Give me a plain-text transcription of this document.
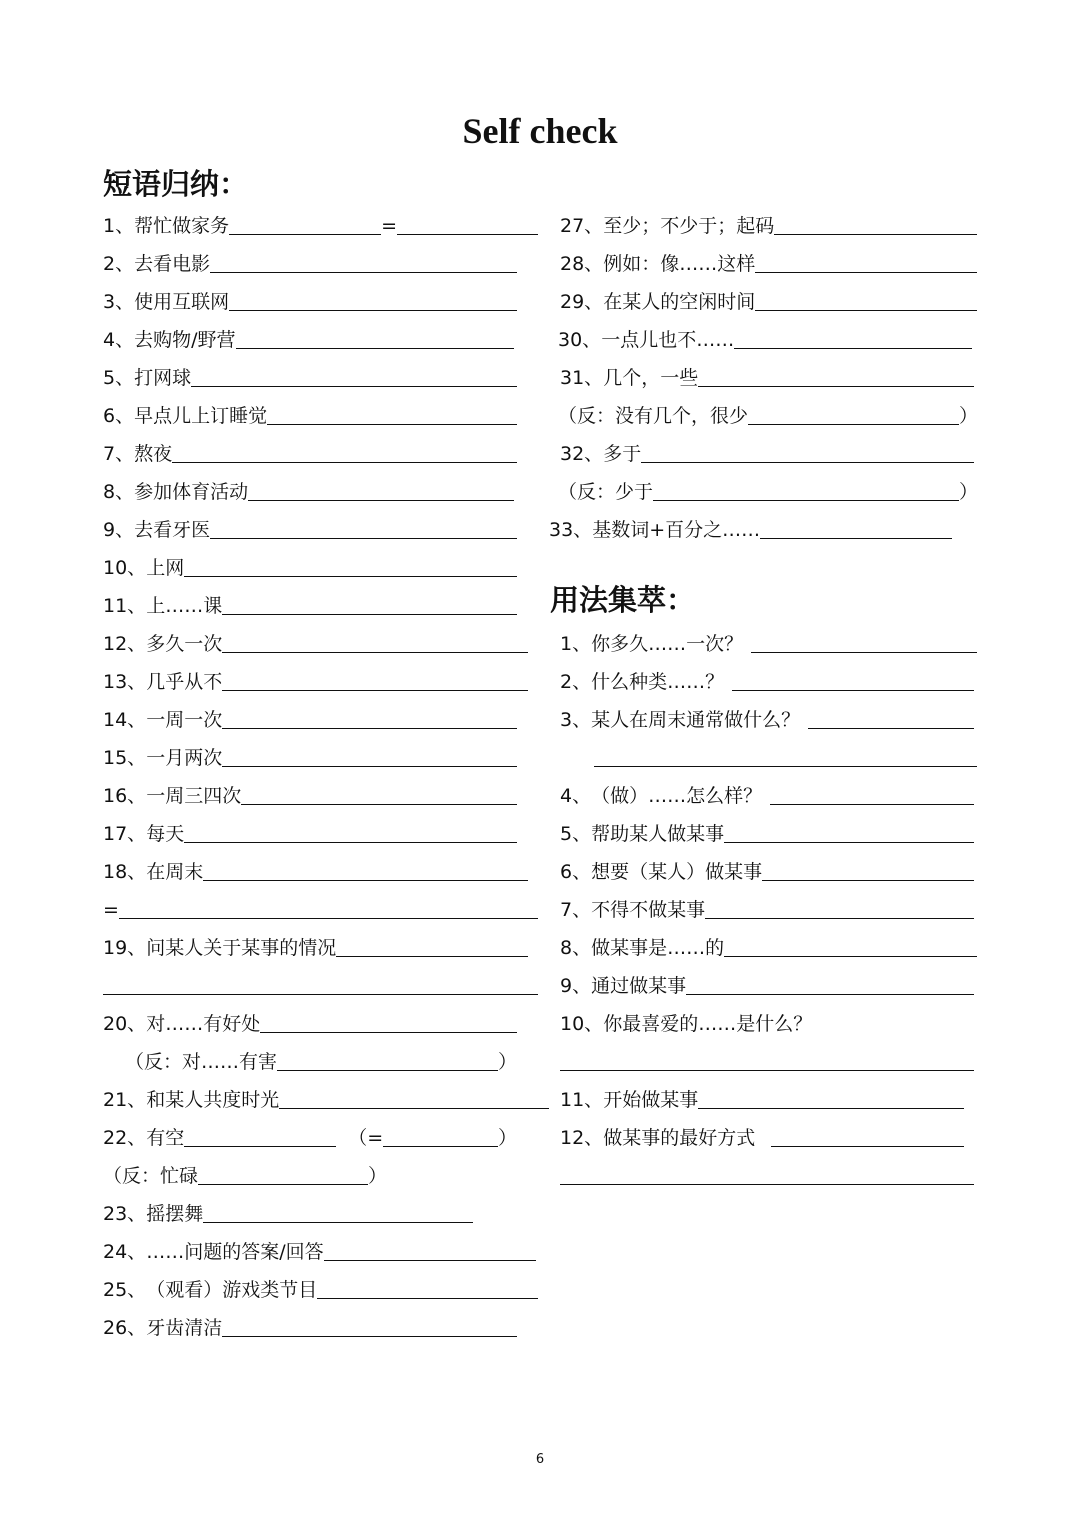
Self check
短语归纳：
用法集萃：
1、 帮忙做家务	=
2、 去看电影
3、 使用互联网
4、 去购物/野营
5、 打网球
6、 早点儿上订睡觉
7、 熬夜
8、 参加体育活动
9、 去看牙医
10、 上网
11、 上……课
12、 多久一次
13、 几乎从不
14、 一周一次
15、 一月两次
16、 一周三四次
17、 每天
18、 在周末
=
19、 问某人关于某事的情况
20、 对……有好处
（反：对……有害	）
21、 和某人共度时光
22、 有空	（=	）
（反：忙碌	）
23、 摇摆舞
24、 ……问题的答案/回答
25、 （观看）游戏类节目
26、 牙齿清洁
27、 至少；不少于；起码
28、 例如：像……这样
29、 在某人的空闲时间
30、 一点儿也不……
31、 几个，一些
（反：没有几个，很少	）
32、 多于
（反：少于	）
33、 基数词+百分之……
1、 你多久……一次？
2、 什么种类……？
3、 某人在周末通常做什么？
4、 （做）……怎么样？
5、 帮助某人做某事
6、 想要（某人）做某事
7、 不得不做某事
8、 做某事是……的
9、 通过做某事
10、 你最喜爱的……是什么？
11、 开始做某事
12、 做某事的最好方式
6
